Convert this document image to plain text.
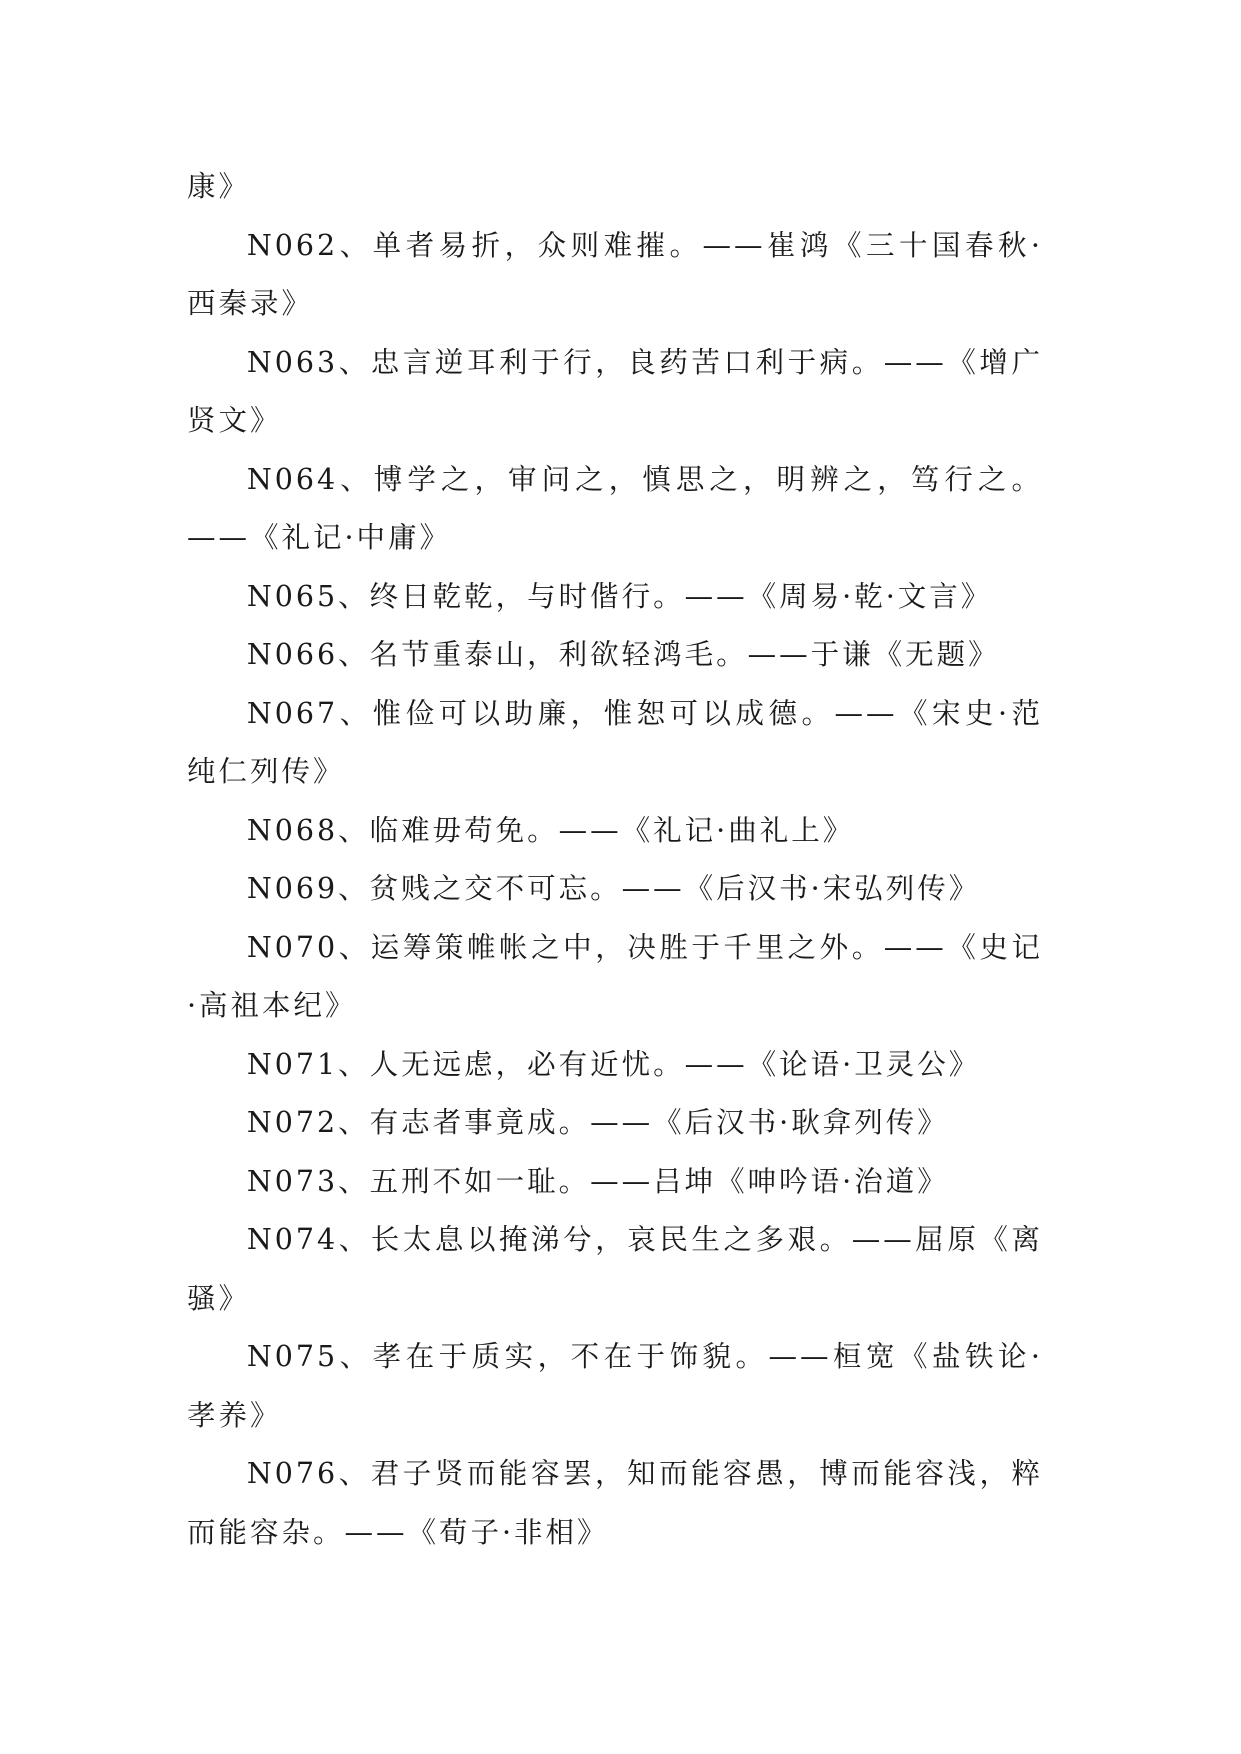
康》

N062、单者易折，众则难摧。——崔鸿《三十国春秋·西秦录》

N063、忠言逆耳利于行，良药苦口利于病。——《增广贤文》

N064、博学之，审问之，慎思之，明辨之，笃行之。——《礼记·中庸》

N065、终日乾乾，与时偕行。——《周易·乾·文言》

N066、名节重泰山，利欲轻鸿毛。——于谦《无题》

N067、惟俭可以助廉，惟恕可以成德。——《宋史·范纯仁列传》

N068、临难毋苟免。——《礼记·曲礼上》

N069、贫贱之交不可忘。——《后汉书·宋弘列传》

N070、运筹策帷帐之中，决胜于千里之外。——《史记·高祖本纪》

N071、人无远虑，必有近忧。——《论语·卫灵公》

N072、有志者事竟成。——《后汉书·耿弇列传》

N073、五刑不如一耻。——吕坤《呻吟语·治道》

N074、长太息以掩涕兮，哀民生之多艰。——屈原《离骚》

N075、孝在于质实，不在于饰貌。——桓宽《盐铁论·孝养》

N076、君子贤而能容罢，知而能容愚，博而能容浅，粹而能容杂。——《荀子·非相》
